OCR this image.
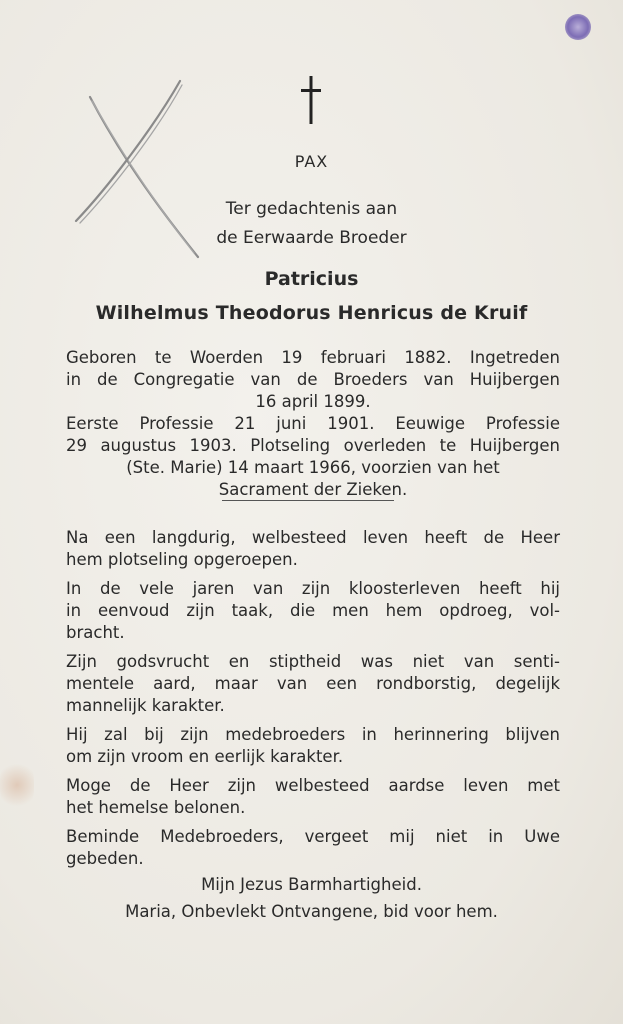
PAX
Ter gedachtenis aan
de Eerwaarde Broeder
Patricius
Wilhelmus Theodorus Henricus de Kruif
Geboren te Woerden 19 februari 1882. Ingetreden
in de Congregatie van de Broeders van Huijbergen
16 april 1899.
Eerste Professie 21 juni 1901. Eeuwige Professie
29 augustus 1903. Plotseling overleden te Huijbergen
(Ste. Marie) 14 maart 1966, voorzien van het
Sacrament der Zieken.
Na een langdurig, welbesteed leven heeft de Heer
hem plotseling opgeroepen.
In de vele jaren van zijn kloosterleven heeft hij
in eenvoud zijn taak, die men hem opdroeg, vol-
bracht.
Zijn godsvrucht en stiptheid was niet van senti-
mentele aard, maar van een rondborstig, degelijk
mannelijk karakter.
Hij zal bij zijn medebroeders in herinnering blijven
om zijn vroom en eerlijk karakter.
Moge de Heer zijn welbesteed aardse leven met
het hemelse belonen.
Beminde Medebroeders, vergeet mij niet in Uwe
gebeden.
Mijn Jezus Barmhartigheid.
Maria, Onbevlekt Ontvangene, bid voor hem.
